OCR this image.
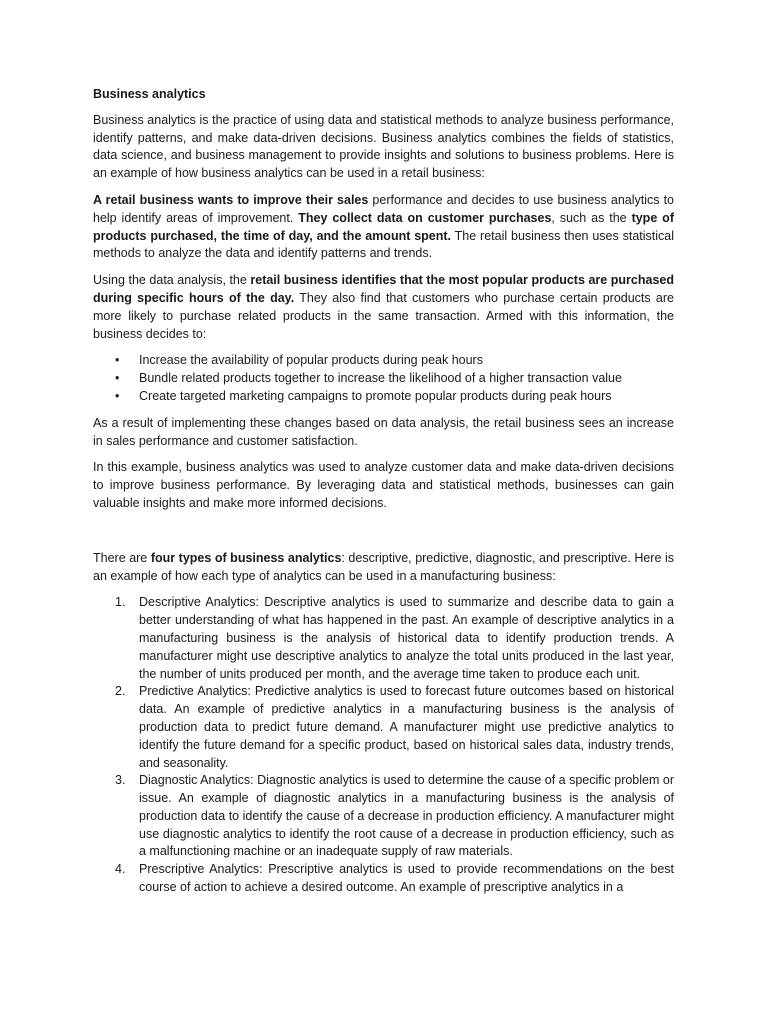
Business analytics

Business analytics is the practice of using data and statistical methods to analyze business performance, identify patterns, and make data-driven decisions. Business analytics combines the fields of statistics, data science, and business management to provide insights and solutions to business problems. Here is an example of how business analytics can be used in a retail business:

A retail business wants to improve their sales performance and decides to use business analytics to help identify areas of improvement. They collect data on customer purchases, such as the type of products purchased, the time of day, and the amount spent. The retail business then uses statistical methods to analyze the data and identify patterns and trends.

Using the data analysis, the retail business identifies that the most popular products are purchased during specific hours of the day. They also find that customers who purchase certain products are more likely to purchase related products in the same transaction. Armed with this information, the business decides to:

• Increase the availability of popular products during peak hours
• Bundle related products together to increase the likelihood of a higher transaction value
• Create targeted marketing campaigns to promote popular products during peak hours

As a result of implementing these changes based on data analysis, the retail business sees an increase in sales performance and customer satisfaction.

In this example, business analytics was used to analyze customer data and make data-driven decisions to improve business performance. By leveraging data and statistical methods, businesses can gain valuable insights and make more informed decisions.

There are four types of business analytics: descriptive, predictive, diagnostic, and prescriptive. Here is an example of how each type of analytics can be used in a manufacturing business:

1. Descriptive Analytics: Descriptive analytics is used to summarize and describe data to gain a better understanding of what has happened in the past. An example of descriptive analytics in a manufacturing business is the analysis of historical data to identify production trends. A manufacturer might use descriptive analytics to analyze the total units produced in the last year, the number of units produced per month, and the average time taken to produce each unit.
2. Predictive Analytics: Predictive analytics is used to forecast future outcomes based on historical data. An example of predictive analytics in a manufacturing business is the analysis of production data to predict future demand. A manufacturer might use predictive analytics to identify the future demand for a specific product, based on historical sales data, industry trends, and seasonality.
3. Diagnostic Analytics: Diagnostic analytics is used to determine the cause of a specific problem or issue. An example of diagnostic analytics in a manufacturing business is the analysis of production data to identify the cause of a decrease in production efficiency. A manufacturer might use diagnostic analytics to identify the root cause of a decrease in production efficiency, such as a malfunctioning machine or an inadequate supply of raw materials.
4. Prescriptive Analytics: Prescriptive analytics is used to provide recommendations on the best course of action to achieve a desired outcome. An example of prescriptive analytics in a
